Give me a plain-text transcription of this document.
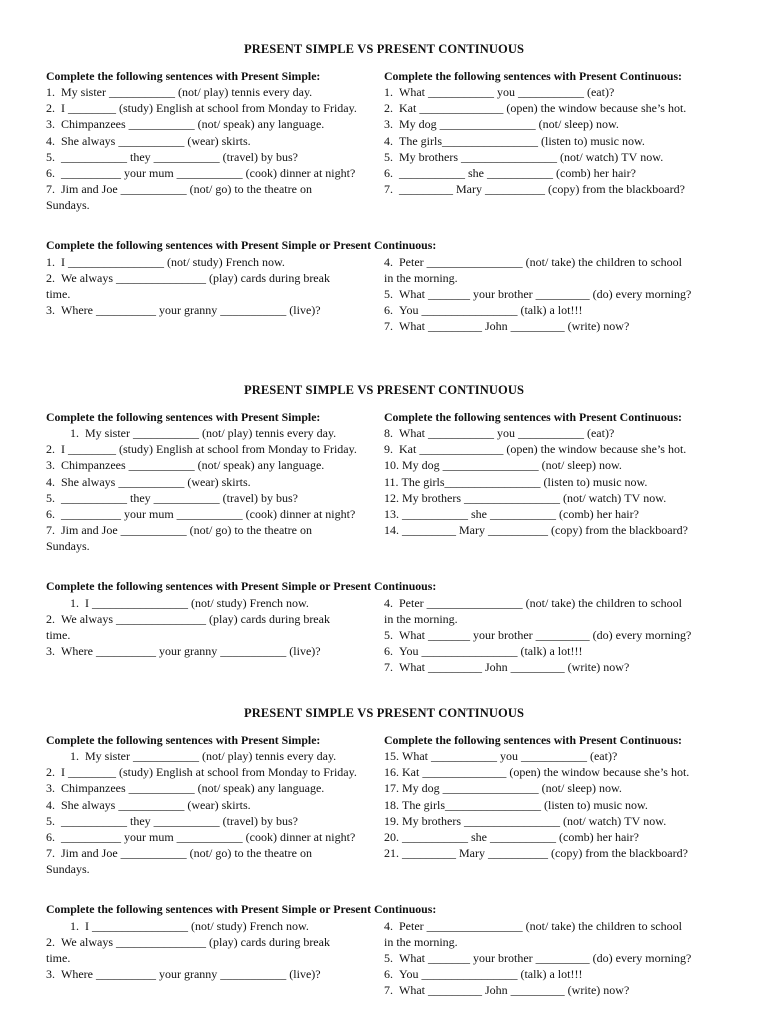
PRESENT SIMPLE VS PRESENT CONTINUOUS
Complete the following sentences with Present Simple:
1.  My sister ___________ (not/ play) tennis every day.
2.  I ________ (study) English at school from Monday to Friday.
3.  Chimpanzees ___________ (not/ speak) any language.
4.  She always ___________ (wear) skirts.
5.  ___________ they ___________ (travel) by bus?
6.  __________ your mum ___________ (cook) dinner at night?
7.  Jim and Joe ___________ (not/ go) to the theatre on
Sundays.
Complete the following sentences with Present Continuous:
1.  What ___________ you ___________ (eat)?
2.  Kat ______________ (open) the window because she’s hot.
3.  My dog ________________ (not/ sleep) now.
4.  The girls________________ (listen to) music now.
5.  My brothers ________________ (not/ watch) TV now.
6.  ___________ she ___________ (comb) her hair?
7.  _________ Mary __________ (copy) from the blackboard?
Complete the following sentences with Present Simple or Present Continuous:
1.  I ________________ (not/ study) French now.
2.  We always _______________ (play) cards during break
time.
3.  Where __________ your granny ___________ (live)?
4.  Peter ________________ (not/ take) the children to school
in the morning.
5.  What _______ your brother _________ (do) every morning?
6.  You ________________ (talk) a lot!!!
7.  What _________ John _________ (write) now?
PRESENT SIMPLE VS PRESENT CONTINUOUS
Complete the following sentences with Present Simple:
1.  My sister ___________ (not/ play) tennis every day.
2.  I ________ (study) English at school from Monday to Friday.
3.  Chimpanzees ___________ (not/ speak) any language.
4.  She always ___________ (wear) skirts.
5.  ___________ they ___________ (travel) by bus?
6.  __________ your mum ___________ (cook) dinner at night?
7.  Jim and Joe ___________ (not/ go) to the theatre on
Sundays.
Complete the following sentences with Present Continuous:
8.  What ___________ you ___________ (eat)?
9.  Kat ______________ (open) the window because she’s hot.
10. My dog ________________ (not/ sleep) now.
11. The girls________________ (listen to) music now.
12. My brothers ________________ (not/ watch) TV now.
13. ___________ she ___________ (comb) her hair?
14. _________ Mary __________ (copy) from the blackboard?
Complete the following sentences with Present Simple or Present Continuous:
1.  I ________________ (not/ study) French now.
2.  We always _______________ (play) cards during break
time.
3.  Where __________ your granny ___________ (live)?
4.  Peter ________________ (not/ take) the children to school
in the morning.
5.  What _______ your brother _________ (do) every morning?
6.  You ________________ (talk) a lot!!!
7.  What _________ John _________ (write) now?
PRESENT SIMPLE VS PRESENT CONTINUOUS
Complete the following sentences with Present Simple:
1.  My sister ___________ (not/ play) tennis every day.
2.  I ________ (study) English at school from Monday to Friday.
3.  Chimpanzees ___________ (not/ speak) any language.
4.  She always ___________ (wear) skirts.
5.  ___________ they ___________ (travel) by bus?
6.  __________ your mum ___________ (cook) dinner at night?
7.  Jim and Joe ___________ (not/ go) to the theatre on
Sundays.
Complete the following sentences with Present Continuous:
15. What ___________ you ___________ (eat)?
16. Kat ______________ (open) the window because she’s hot.
17. My dog ________________ (not/ sleep) now.
18. The girls________________ (listen to) music now.
19. My brothers ________________ (not/ watch) TV now.
20. ___________ she ___________ (comb) her hair?
21. _________ Mary __________ (copy) from the blackboard?
Complete the following sentences with Present Simple or Present Continuous:
1.  I ________________ (not/ study) French now.
2.  We always _______________ (play) cards during break
time.
3.  Where __________ your granny ___________ (live)?
4.  Peter ________________ (not/ take) the children to school
in the morning.
5.  What _______ your brother _________ (do) every morning?
6.  You ________________ (talk) a lot!!!
7.  What _________ John _________ (write) now?
